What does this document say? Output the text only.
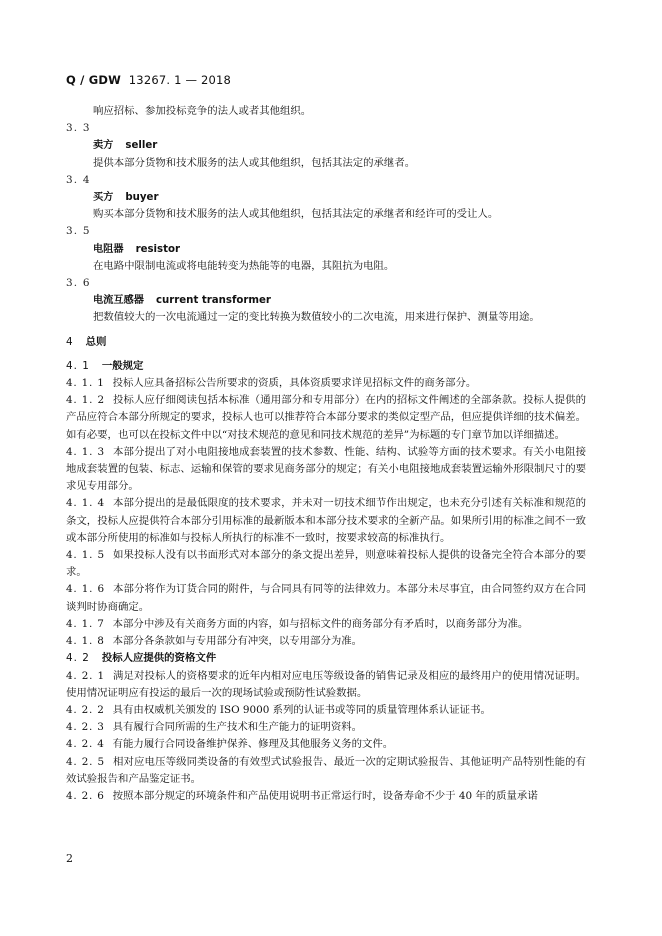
Q / GDW 13267. 1 — 2018

响应招标、参加投标竞争的法人或者其他组织。

3. 3

卖方 seller

提供本部分货物和技术服务的法人或其他组织，包括其法定的承继者。

3. 4

买方 buyer

购买本部分货物和技术服务的法人或其他组织，包括其法定的承继者和经许可的受让人。

3. 5

电阻器 resistor

在电路中限制电流或将电能转变为热能等的电器，其阻抗为电阻。

3. 6

电流互感器 current transformer

把数值较大的一次电流通过一定的变比转换为数值较小的二次电流，用来进行保护、测量等用途。

4 总则

4. 1 一般规定

4. 1. 1 投标人应具备招标公告所要求的资质，具体资质要求详见招标文件的商务部分。

4. 1. 2 投标人应仔细阅读包括本标准（通用部分和专用部分）在内的招标文件阐述的全部条款。投标人提供的产品应符合本部分所规定的要求，投标人也可以推荐符合本部分要求的类似定型产品，但应提供详细的技术偏差。如有必要，也可以在投标文件中以“对技术规范的意见和同技术规范的差异”为标题的专门章节加以详细描述。

4. 1. 3 本部分提出了对小电阻接地成套装置的技术参数、性能、结构、试验等方面的技术要求。有关小电阻接地成套装置的包装、标志、运输和保管的要求见商务部分的规定；有关小电阻接地成套装置运输外形限制尺寸的要求见专用部分。

4. 1. 4 本部分提出的是最低限度的技术要求，并未对一切技术细节作出规定，也未充分引述有关标准和规范的条文，投标人应提供符合本部分引用标准的最新版本和本部分技术要求的全新产品。如果所引用的标准之间不一致或本部分所使用的标准如与投标人所执行的标准不一致时，按要求较高的标准执行。

4. 1. 5 如果投标人没有以书面形式对本部分的条文提出差异，则意味着投标人提供的设备完全符合本部分的要求。

4. 1. 6 本部分将作为订货合同的附件，与合同具有同等的法律效力。本部分未尽事宜，由合同签约双方在合同谈判时协商确定。

4. 1. 7 本部分中涉及有关商务方面的内容，如与招标文件的商务部分有矛盾时，以商务部分为准。

4. 1. 8 本部分各条款如与专用部分有冲突，以专用部分为准。

4. 2 投标人应提供的资格文件

4. 2. 1 满足对投标人的资格要求的近年内相对应电压等级设备的销售记录及相应的最终用户的使用情况证明。使用情况证明应有投运的最后一次的现场试验或预防性试验数据。

4. 2. 2 具有由权威机关颁发的 ISO 9000 系列的认证书或等同的质量管理体系认证证书。

4. 2. 3 具有履行合同所需的生产技术和生产能力的证明资料。

4. 2. 4 有能力履行合同设备维护保养、修理及其他服务义务的文件。

4. 2. 5 相对应电压等级同类设备的有效型式试验报告、最近一次的定期试验报告、其他证明产品特别性能的有效试验报告和产品鉴定证书。

4. 2. 6 按照本部分规定的环境条件和产品使用说明书正常运行时，设备寿命不少于 40 年的质量承诺

2
